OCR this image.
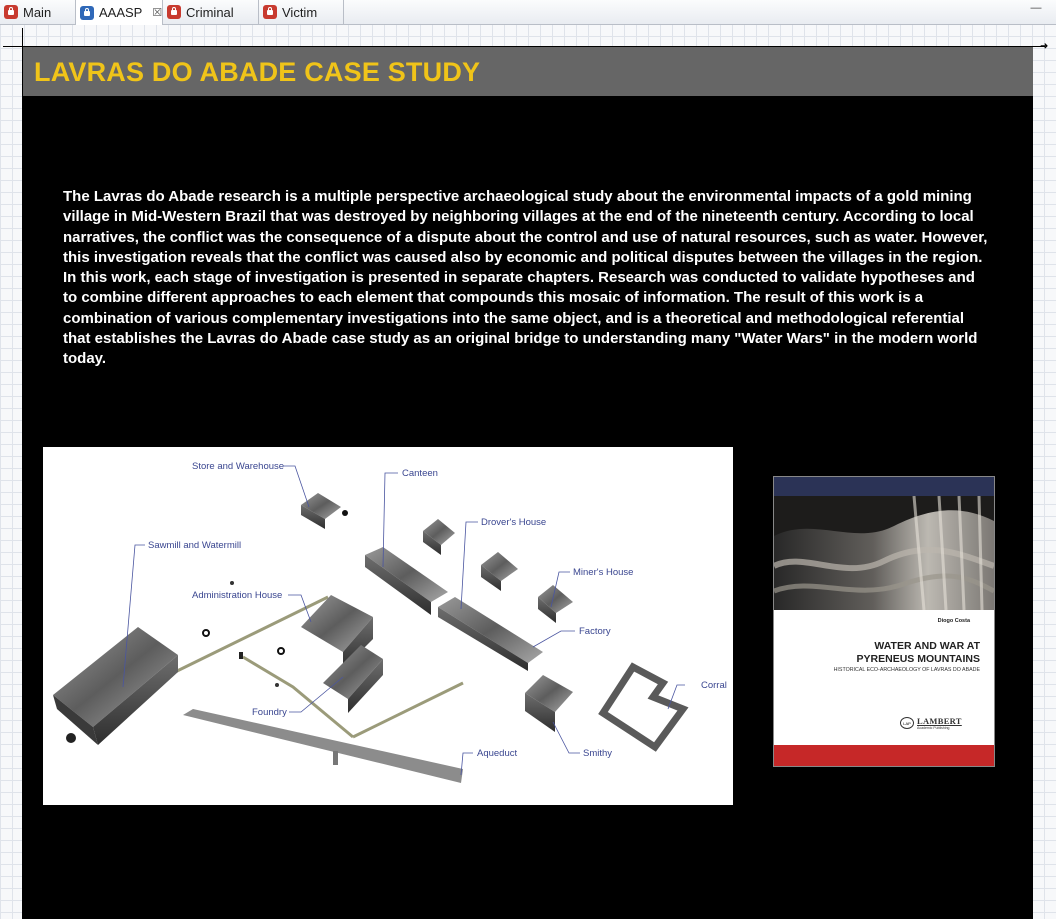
Main	AAASP ☒ Criminal	Victim	—
➜
LAVRAS DO ABADE CASE STUDY
The Lavras do Abade research is a multiple perspective archaeological study about the environmental impacts of a gold mining village in Mid-Western Brazil that was destroyed by neighboring villages at the end of the nineteenth century. According to local narratives, the conflict was the consequence of a dispute about the control and use of natural resources, such as water. However, this investigation reveals that the conflict was caused also by economic and political disputes between the villages in the region. In this work, each stage of investigation is presented in separate chapters. Research was conducted to validate hypotheses and to combine different approaches to each element that compounds this mosaic of information. The result of this work is a combination of various complementary investigations into the same object, and is a theoretical and methodological referential that establishes the Lavras do Abade case study as an original bridge to understanding many "Water Wars" in the modern world today.
Store and Warehouse
Canteen
Drover's House
Sawmill and Watermill
Miner's House
Administration House
Factory
Corral
Foundry
Aqueduct	Smithy
Diogo Costa
WATER AND WAR AT
PYRENEUS MOUNTAINS
HISTORICAL ECO-ARCHAEOLOGY OF LAVRAS DO ABADE
LAP LAMBERT
Academic Publishing
